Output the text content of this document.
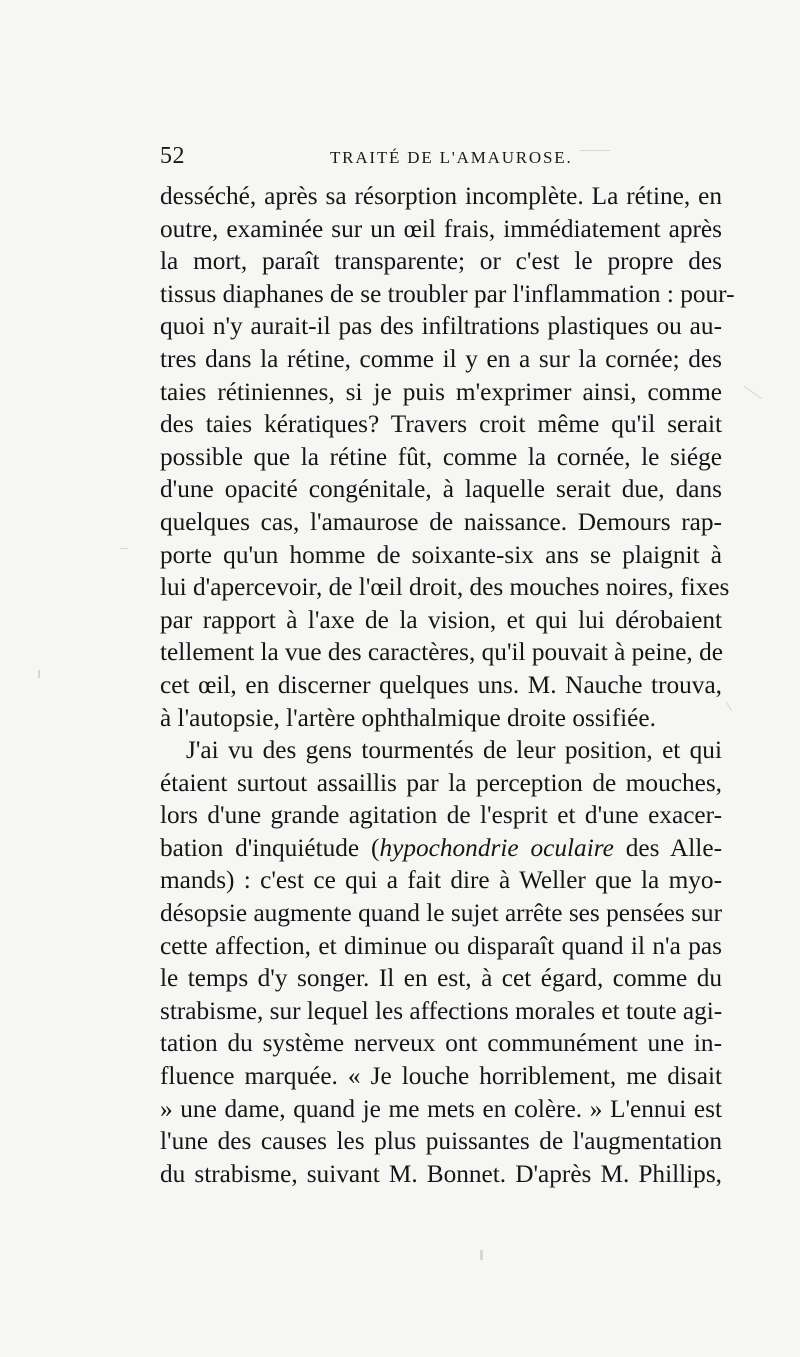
52	TRAITÉ DE L'AMAUROSE.
desséché, après sa résorption incomplète. La rétine, en
outre, examinée sur un œil frais, immédiatement après
la mort, paraît transparente; or c'est le propre des
tissus diaphanes de se troubler par l'inflammation : pour-
quoi n'y aurait-il pas des infiltrations plastiques ou au-
tres dans la rétine, comme il y en a sur la cornée; des
taies rétiniennes, si je puis m'exprimer ainsi, comme
des taies kératiques? Travers croit même qu'il serait
possible que la rétine fût, comme la cornée, le siége
d'une opacité congénitale, à laquelle serait due, dans
quelques cas, l'amaurose de naissance. Demours rap-
porte qu'un homme de soixante-six ans se plaignit à
lui d'apercevoir, de l'œil droit, des mouches noires, fixes
par rapport à l'axe de la vision, et qui lui dérobaient
tellement la vue des caractères, qu'il pouvait à peine, de
cet œil, en discerner quelques uns. M. Nauche trouva,
à l'autopsie, l'artère ophthalmique droite ossifiée.
J'ai vu des gens tourmentés de leur position, et qui
étaient surtout assaillis par la perception de mouches,
lors d'une grande agitation de l'esprit et d'une exacer-
bation d'inquiétude (hypochondrie oculaire des Alle-
mands) : c'est ce qui a fait dire à Weller que la myo-
désopsie augmente quand le sujet arrête ses pensées sur
cette affection, et diminue ou disparaît quand il n'a pas
le temps d'y songer. Il en est, à cet égard, comme du
strabisme, sur lequel les affections morales et toute agi-
tation du système nerveux ont communément une in-
fluence marquée. « Je louche horriblement, me disait
» une dame, quand je me mets en colère. » L'ennui est
l'une des causes les plus puissantes de l'augmentation
du strabisme, suivant M. Bonnet. D'après M. Phillips,
